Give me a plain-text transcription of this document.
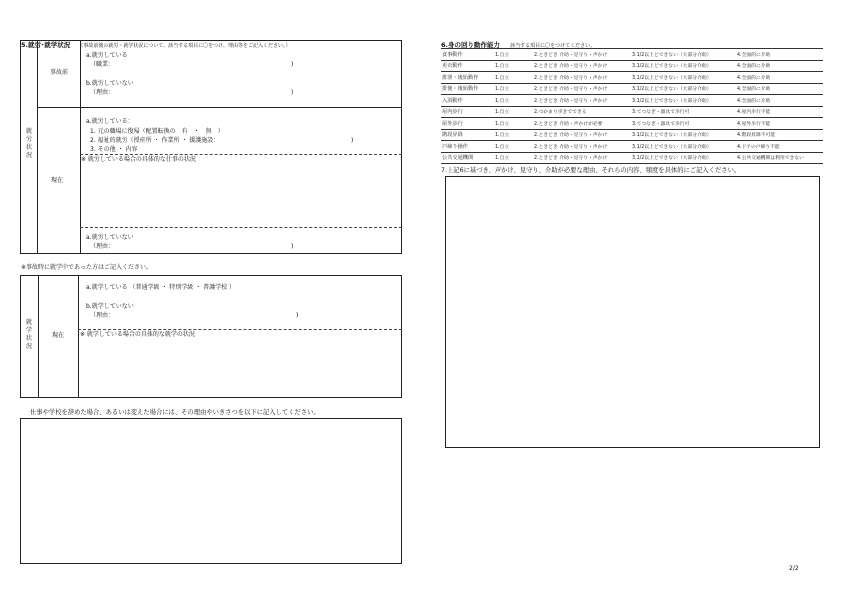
5.就労･就学状況 （事故前後の就労・就学状況について、該当する項目に〇をつけ、理由等をご記入ください。）
就労状況
事故前
現在
a.就労している
（職業：	)
b.就労していない
（理由：	)
a.就労している：
1. 元の職場に復帰（配置転換の　有　・　無　）
2. 福祉的就労（授産所 ・ 作業所 ・ 援護施設：	)
3. その他 ・ 内容
※ 就労している場合の具体的な仕事の状況
a.就労していない
（理由：	)
※事故時に就学中であった方はご記入ください。
就学状況
現在
a.就学している （普通学級 ・ 特別学級 ・ 普護学校 ）
b.就学していない
（理由：	)
※ 就学している場合の具体的な就学の状況
仕事や学校を辞めた場合、あるいは変えた場合には、その理由やいきさつを以下に記入してください。
6.身の回り動作能力 該当する項目に〇をつけてください。
食事動作	1.自立	2.ときどき 介助・見守り・声かけ	3.1/2以上どできない（大部分介助）	4.全面的に介助
更衣動作	1.自立	2.ときどき 介助・見守り・声かけ	3.1/2以上どできない（大部分介助）	4.全面的に介助
排泄・後始動作	1.自立	2.ときどき 介助・見守り・声かけ	3.1/2以上どできない（大部分介助）	4.全面的に介助
排便・後始動作	1.自立	2.ときどき 介助・見守り・声かけ	3.1/2以上どできない（大部分介助）	4.全面的に介助
入浴動作	1.自立	2.ときどき 介助・見守り・声かけ	3.1/2以上どできない（大部分介助）	4.全面的に介助
屋内歩行	1.自立	2.つかまり歩きでできる	3.てつなぎ・器具で歩行可	4.屋内歩行不能
屋外歩行	1.自立	2.ときどき 介助・声かけが必要	3.てつなぎ・器具で歩行可	4.屋外歩行不能
階段昇降	1.自立	2.ときどき 介助・見守り・声かけ	3.1/2以上どできない（大部分介助）	4.階段昇降不可能
戸締り操作	1.自立	2.ときどき 介助・見守り・声かけ	3.1/2以上どできない（大部分介助）	4.ドアの戸締り不能
公共交通機関	1.自立	2.ときどき 介助・見守り・声かけ	3.1/2以上どできない（大部分介助）	4.公共交通機関は利用できない
7.上記6に基づき、声かけ、見守り、介助が必要な理由、それらの内容、頻度を具体的にご記入ください。
2/2
